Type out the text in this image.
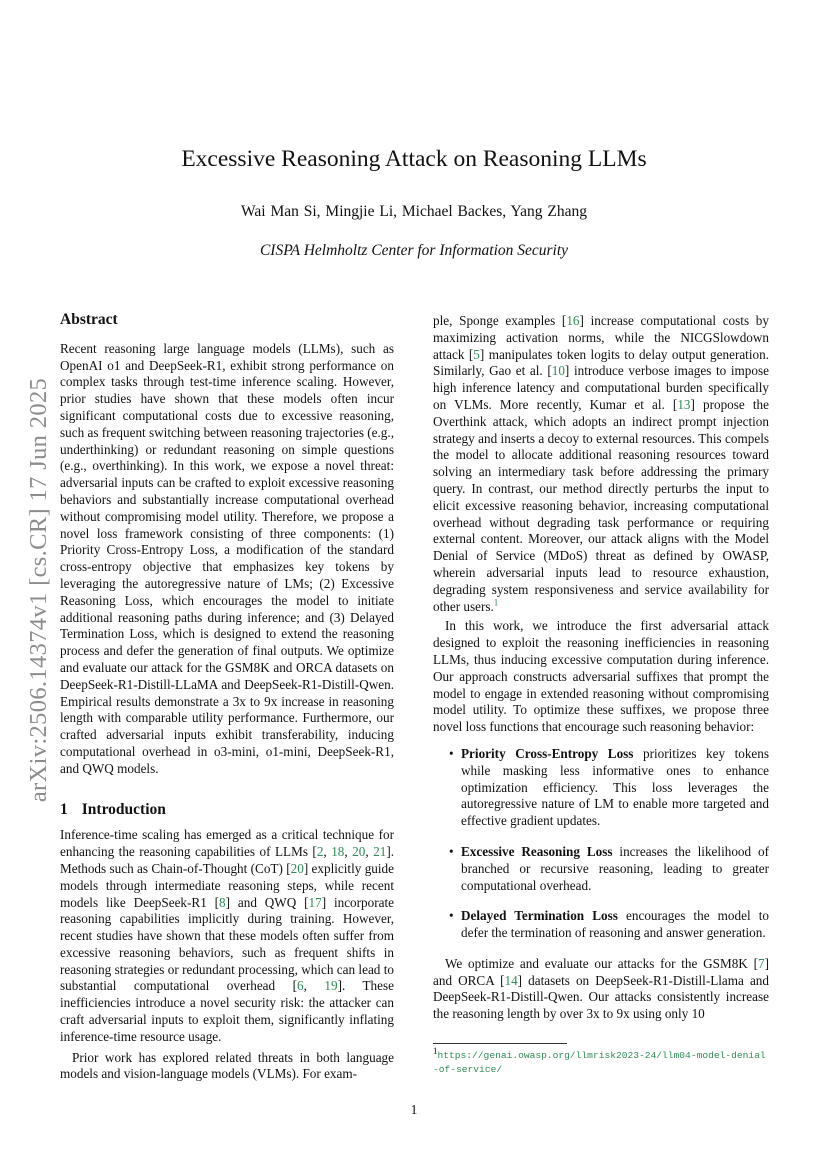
arXiv:2506.14374v1 [cs.CR] 17 Jun 2025
Excessive Reasoning Attack on Reasoning LLMs
Wai Man Si, Mingjie Li, Michael Backes, Yang Zhang
CISPA Helmholtz Center for Information Security
Abstract

Recent reasoning large language models (LLMs), such as OpenAI o1 and DeepSeek-R1, exhibit strong performance on complex tasks through test-time inference scaling. However, prior studies have shown that these models often incur significant computational costs due to excessive reasoning, such as frequent switching between reasoning trajectories (e.g., underthinking) or redundant reasoning on simple questions (e.g., overthinking). In this work, we expose a novel threat: adversarial inputs can be crafted to exploit excessive reasoning behaviors and substantially increase computational overhead without compromising model utility. Therefore, we propose a novel loss framework consisting of three components: (1) Priority Cross-Entropy Loss, a modification of the standard cross-entropy objective that emphasizes key tokens by leveraging the autoregressive nature of LMs; (2) Excessive Reasoning Loss, which encourages the model to initiate additional reasoning paths during inference; and (3) Delayed Termination Loss, which is designed to extend the reasoning process and defer the generation of final outputs. We optimize and evaluate our attack for the GSM8K and ORCA datasets on DeepSeek-R1-Distill-LLaMA and DeepSeek-R1-Distill-Qwen. Empirical results demonstrate a 3x to 9x increase in reasoning length with comparable utility performance. Furthermore, our crafted adversarial inputs exhibit transferability, inducing computational overhead in o3-mini, o1-mini, DeepSeek-R1, and QWQ models.

1 Introduction

Inference-time scaling has emerged as a critical technique for enhancing the reasoning capabilities of LLMs [2, 18, 20, 21]. Methods such as Chain-of-Thought (CoT) [20] explicitly guide models through intermediate reasoning steps, while recent models like DeepSeek-R1 [8] and QWQ [17] incorporate reasoning capabilities implicitly during training. However, recent studies have shown that these models often suffer from excessive reasoning behaviors, such as frequent shifts in reasoning strategies or redundant processing, which can lead to substantial computational overhead [6, 19]. These inefficiencies introduce a novel security risk: the attacker can craft adversarial inputs to exploit them, significantly inflating inference-time resource usage.

Prior work has explored related threats in both language models and vision-language models (VLMs). For exam-

ple, Sponge examples [16] increase computational costs by maximizing activation norms, while the NICGSlowdown attack [5] manipulates token logits to delay output generation. Similarly, Gao et al. [10] introduce verbose images to impose high inference latency and computational burden specifically on VLMs. More recently, Kumar et al. [13] propose the Overthink attack, which adopts an indirect prompt injection strategy and inserts a decoy to external resources. This compels the model to allocate additional reasoning resources toward solving an intermediary task before addressing the primary query. In contrast, our method directly perturbs the input to elicit excessive reasoning behavior, increasing computational overhead without degrading task performance or requiring external content. Moreover, our attack aligns with the Model Denial of Service (MDoS) threat as defined by OWASP, wherein adversarial inputs lead to resource exhaustion, degrading system responsiveness and service availability for other users.$^1$

In this work, we introduce the first adversarial attack designed to exploit the reasoning inefficiencies in reasoning LLMs, thus inducing excessive computation during inference. Our approach constructs adversarial suffixes that prompt the model to engage in extended reasoning without compromising model utility. To optimize these suffixes, we propose three novel loss functions that encourage such reasoning behavior:

• Priority Cross-Entropy Loss prioritizes key tokens while masking less informative ones to enhance optimization efficiency. This loss leverages the autoregressive nature of LM to enable more targeted and effective gradient updates.
• Excessive Reasoning Loss increases the likelihood of branched or recursive reasoning, leading to greater computational overhead.
• Delayed Termination Loss encourages the model to defer the termination of reasoning and answer generation.

We optimize and evaluate our attacks for the GSM8K [7] and ORCA [14] datasets on DeepSeek-R1-Distill-Llama and DeepSeek-R1-Distill-Qwen. Our attacks consistently increase the reasoning length by over 3x to 9x using only 10

$^1$https://genai.owasp.org/llmrisk2023-24/llm04-model-denial-of-service/
1
